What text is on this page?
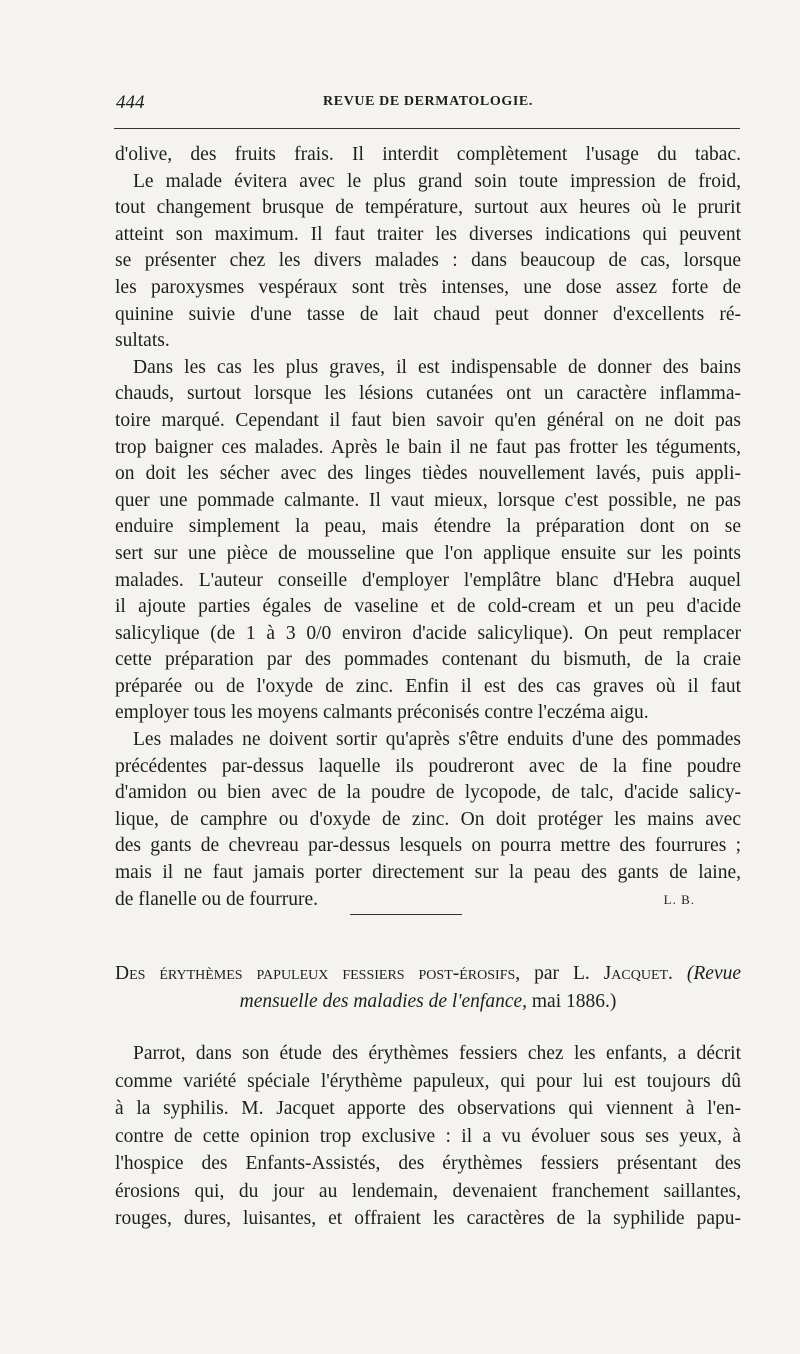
444	REVUE DE DERMATOLOGIE.
d'olive, des fruits frais. Il interdit complètement l'usage du tabac.
Le malade évitera avec le plus grand soin toute impression de froid,
tout changement brusque de température, surtout aux heures où le prurit
atteint son maximum. Il faut traiter les diverses indications qui peuvent
se présenter chez les divers malades : dans beaucoup de cas, lorsque
les paroxysmes vespéraux sont très intenses, une dose assez forte de
quinine suivie d'une tasse de lait chaud peut donner d'excellents ré-
sultats.
Dans les cas les plus graves, il est indispensable de donner des bains
chauds, surtout lorsque les lésions cutanées ont un caractère inflamma-
toire marqué. Cependant il faut bien savoir qu'en général on ne doit pas
trop baigner ces malades. Après le bain il ne faut pas frotter les téguments,
on doit les sécher avec des linges tièdes nouvellement lavés, puis appli-
quer une pommade calmante. Il vaut mieux, lorsque c'est possible, ne pas
enduire simplement la peau, mais étendre la préparation dont on se
sert sur une pièce de mousseline que l'on applique ensuite sur les points
malades. L'auteur conseille d'employer l'emplâtre blanc d'Hebra auquel
il ajoute parties égales de vaseline et de cold-cream et un peu d'acide
salicylique (de 1 à 3 0/0 environ d'acide salicylique). On peut remplacer
cette préparation par des pommades contenant du bismuth, de la craie
préparée ou de l'oxyde de zinc. Enfin il est des cas graves où il faut
employer tous les moyens calmants préconisés contre l'eczéma aigu.
Les malades ne doivent sortir qu'après s'être enduits d'une des pommades
précédentes par-dessus laquelle ils poudreront avec de la fine poudre
d'amidon ou bien avec de la poudre de lycopode, de talc, d'acide salicy-
lique, de camphre ou d'oxyde de zinc. On doit protéger les mains avec
des gants de chevreau par-dessus lesquels on pourra mettre des fourrures ;
mais il ne faut jamais porter directement sur la peau des gants de laine,
de flanelle ou de fourrure.	L. B.
Des érythèmes papuleux fessiers post-érosifs, par L. Jacquet. (Revue
mensuelle des maladies de l'enfance, mai 1886.)
Parrot, dans son étude des érythèmes fessiers chez les enfants, a décrit
comme variété spéciale l'érythème papuleux, qui pour lui est toujours dû
à la syphilis. M. Jacquet apporte des observations qui viennent à l'en-
contre de cette opinion trop exclusive : il a vu évoluer sous ses yeux, à
l'hospice des Enfants-Assistés, des érythèmes fessiers présentant des
érosions qui, du jour au lendemain, devenaient franchement saillantes,
rouges, dures, luisantes, et offraient les caractères de la syphilide papu-
